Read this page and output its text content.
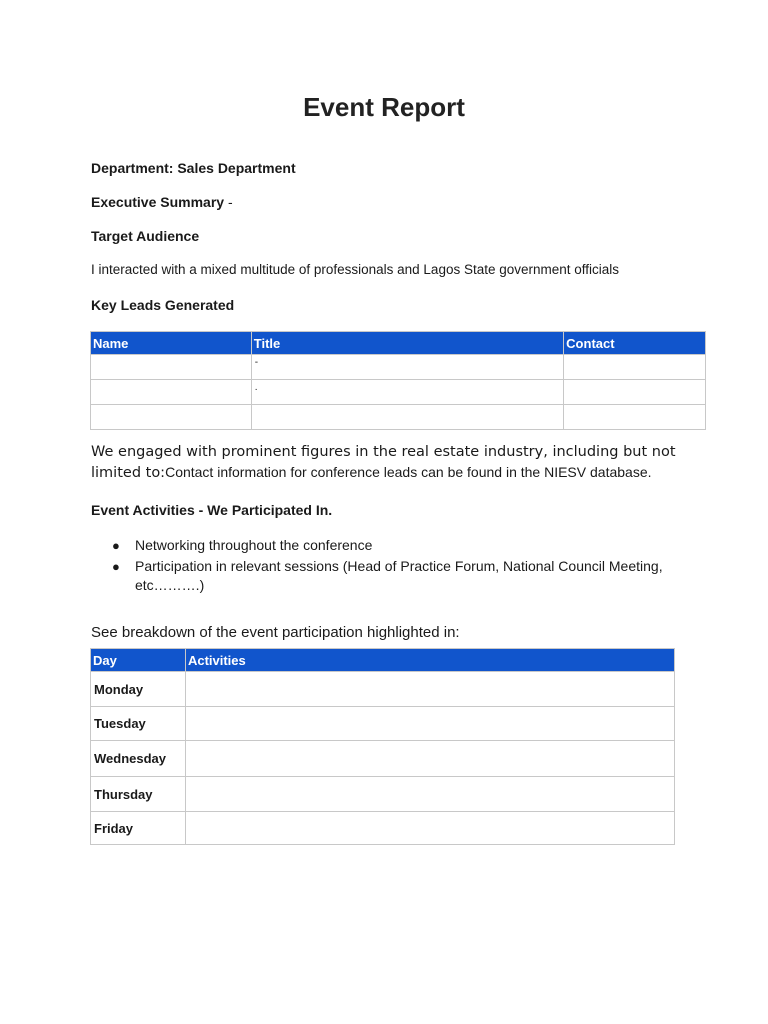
Event Report

Department: Sales Department

Executive Summary -

Target Audience

I interacted with a mixed multitude of professionals and Lagos State government officials

Key Leads Generated

Name	Title	Contact
	-	
	.	

We engaged with prominent figures in the real estate industry, including but not limited to:Contact information for conference leads can be found in the NIESV database.

Event Activities - We Participated In.

● Networking throughout the conference
● Participation in relevant sessions (Head of Practice Forum, National Council Meeting, etc……….)

See breakdown of the event participation highlighted in:

Day	Activities
Monday	
Tuesday	
Wednesday	
Thursday	
Friday	
